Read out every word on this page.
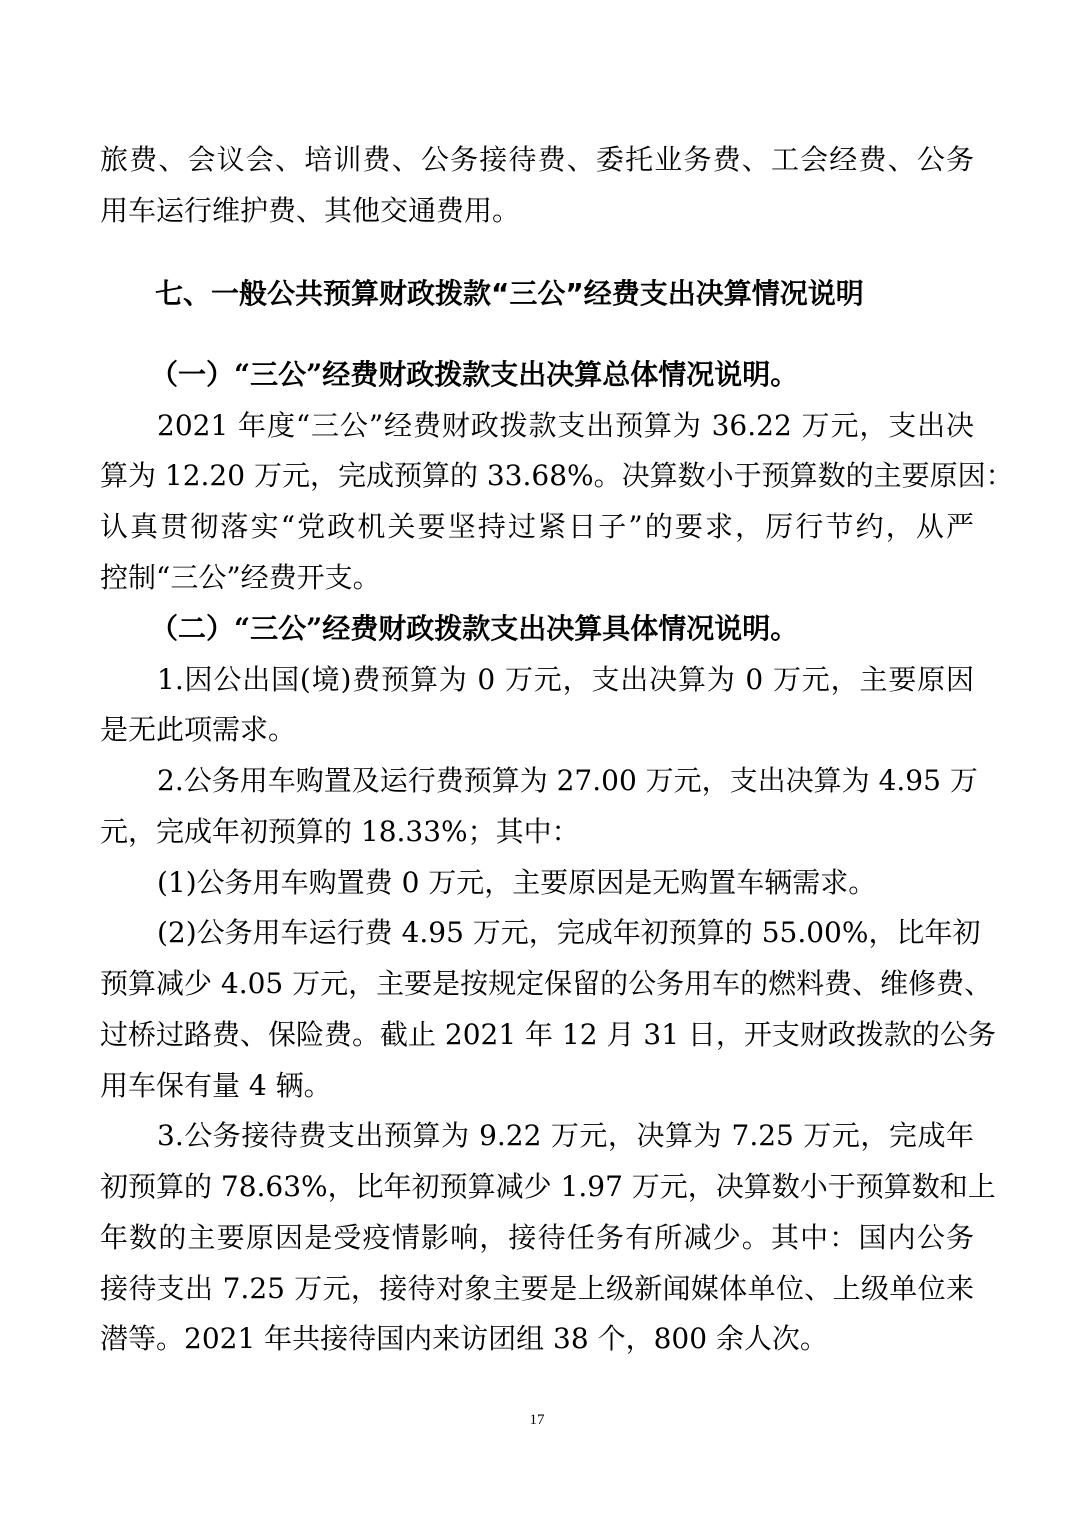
旅费、会议会、培训费、公务接待费、委托业务费、工会经费、公务
用车运行维护费、其他交通费用。
七、一般公共预算财政拨款“三公”经费支出决算情况说明
（一）“三公”经费财政拨款支出决算总体情况说明。
2021 年度“三公”经费财政拨款支出预算为 36.22 万元，支出决
算为 12.20 万元，完成预算的 33.68%。决算数小于预算数的主要原因：
认真贯彻落实“党政机关要坚持过紧日子”的要求，厉行节约，从严
控制“三公”经费开支。
（二）“三公”经费财政拨款支出决算具体情况说明。
1.因公出国(境)费预算为 0 万元，支出决算为 0 万元，主要原因
是无此项需求。
2.公务用车购置及运行费预算为 27.00 万元，支出决算为 4.95 万
元，完成年初预算的 18.33%；其中：
(1)公务用车购置费 0 万元，主要原因是无购置车辆需求。
(2)公务用车运行费 4.95 万元，完成年初预算的 55.00%，比年初
预算减少 4.05 万元，主要是按规定保留的公务用车的燃料费、维修费、
过桥过路费、保险费。截止 2021 年 12 月 31 日，开支财政拨款的公务
用车保有量 4 辆。
3.公务接待费支出预算为 9.22 万元，决算为 7.25 万元，完成年
初预算的 78.63%，比年初预算减少 1.97 万元，决算数小于预算数和上
年数的主要原因是受疫情影响，接待任务有所减少。其中：国内公务
接待支出 7.25 万元，接待对象主要是上级新闻媒体单位、上级单位来
潜等。2021 年共接待国内来访团组 38 个，800 余人次。
17
